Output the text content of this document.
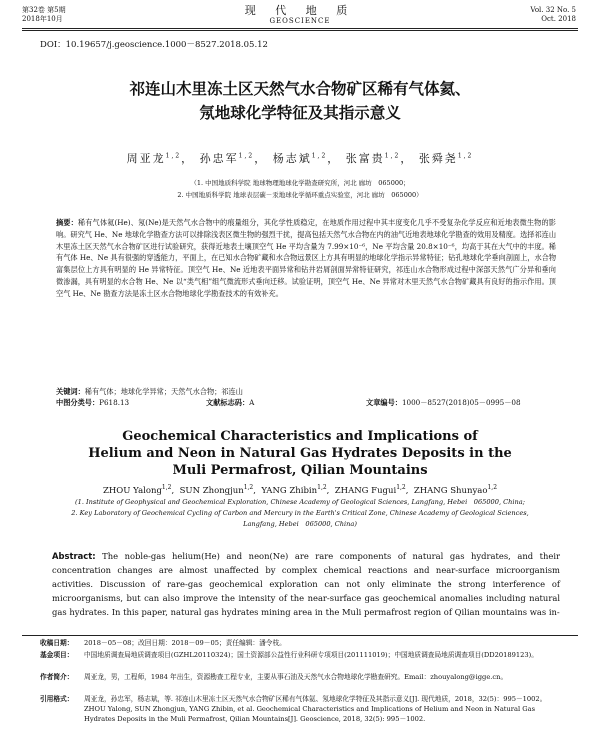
第32卷 第5期
2018年10月
现 代 地 质
GEOSCIENCE
Vol. 32 No. 5
Oct. 2018
DOI：10.19657/j.geoscience.1000－8527.2018.05.12
祁连山木里冻土区天然气水合物矿区稀有气体氦、
氖地球化学特征及其指示意义
周亚龙$^{1,2}$， 孙忠军$^{1,2}$， 杨志斌$^{1,2}$， 张富贵$^{1,2}$， 张舜尧$^{1,2}$
（1. 中国地质科学院 地球物理地球化学勘查研究所，河北 廊坊　065000；
2. 中国地质科学院 地球表层碳－汞地球化学循环重点实验室，河北 廊坊　065000）
摘要：稀有气体氦(He)、氖(Ne)是天然气水合物中的痕量组分，其化学性质稳定，在地质作用过程中其丰度变化几乎不受复杂化学反应和近地表微生物的影响。研究气 He、Ne 地球化学勘查方法可以排除浅表区微生物的强烈干扰，提高包括天然气水合物在内的油气近地表地球化学勘查的效用及精度。选择祁连山木里冻土区天然气水合物矿区进行试验研究，获得近地表土壤顶空气 He 平均含量为 7.99×10⁻⁶，Ne 平均含量 20.8×10⁻⁶，均高于其在大气中的丰度。稀有气体 He、Ne 具有很强的穿透能力，平面上，在已知水合物矿藏和水合物远景区上方具有明显的地球化学指示异常特征；钻孔地球化学垂向剖面上，水合物富集层位上方具有明显的 He 异常特征。顶空气 He、Ne 近地表平面异常和钻井岩屑剖面异常特征研究，祁连山水合物形成过程中深部天然气广分异和垂向微渗漏，具有明显的水合物 He、Ne 以“类气相”组气微流形式垂向迁移。试验证明，顶空气 He、Ne 异常对木里天然气水合物矿藏具有良好的指示作用。顶空气 He、Ne 勘查方法是冻土区水合物地球化学勘查技术的有效补充。
关键词：稀有气体；地球化学异常；天然气水合物；祁连山
中图分类号：P618.13	文献标志码：A	文章编号：1000－8527(2018)05－0995－08
Geochemical Characteristics and Implications of
Helium and Neon in Natural Gas Hydrates Deposits in the
Muli Permafrost, Qilian Mountains
ZHOU Yalong$^{1,2}$,  SUN Zhongjun$^{1,2}$,  YANG Zhibin$^{1,2}$,  ZHANG Fugui$^{1,2}$,  ZHANG Shunyao$^{1,2}$
(1. Institute of Geophysical and Geochemical Exploration, Chinese Academy of Geological Sciences, Langfang, Hebei　065000, China;
2. Key Laboratory of Geochemical Cycling of Carbon and Mercury in the Earth's Critical Zone, Chinese Academy of Geological Sciences,
Langfang, Hebei　065000, China)
Abstract: The noble-gas helium(He) and neon(Ne) are rare components of natural gas hydrates, and their concentration changes are almost unaffected by complex chemical reactions and near-surface microorganism activities. Discussion of rare-gas geochemical exploration can not only eliminate the strong interference of microorganisms, but can also improve the intensity of the near-surface gas geochemical anomalies including natural gas hydrates. In this paper, natural gas hydrates mining area in the Muli permafrost region of Qilian mountains was in-
收稿日期： 2018－05－08；改回日期：2018－09－05；责任编辑：潘令枝。
基金项目： 中国地质调查局地质调查项目(GZHL20110324)；国土资源部公益性行业科研专项项目(201111019)；中国地质调查局地质调查项目(DD20189123)。
作者简介： 周亚龙，男，工程师，1984 年出生，资源勘查工程专业，主要从事石油及天然气水合物地球化学勘查研究。Email：zhouyalong@igge.cn。
引用格式： 周亚龙，孙忠军，杨志斌，等. 祁连山木里冻土区天然气水合物矿区稀有气体氦、氖地球化学特征及其指示意义[J]. 现代地质，2018，32(5)：995－1002。ZHOU Yalong, SUN Zhongjun, YANG Zhibin, et al. Geochemical Characteristics and Implications of Helium and Neon in Natural Gas Hydrates Deposits in the Muli Permafrost, Qilian Mountains[J]. Geoscience, 2018, 32(5): 995－1002.
